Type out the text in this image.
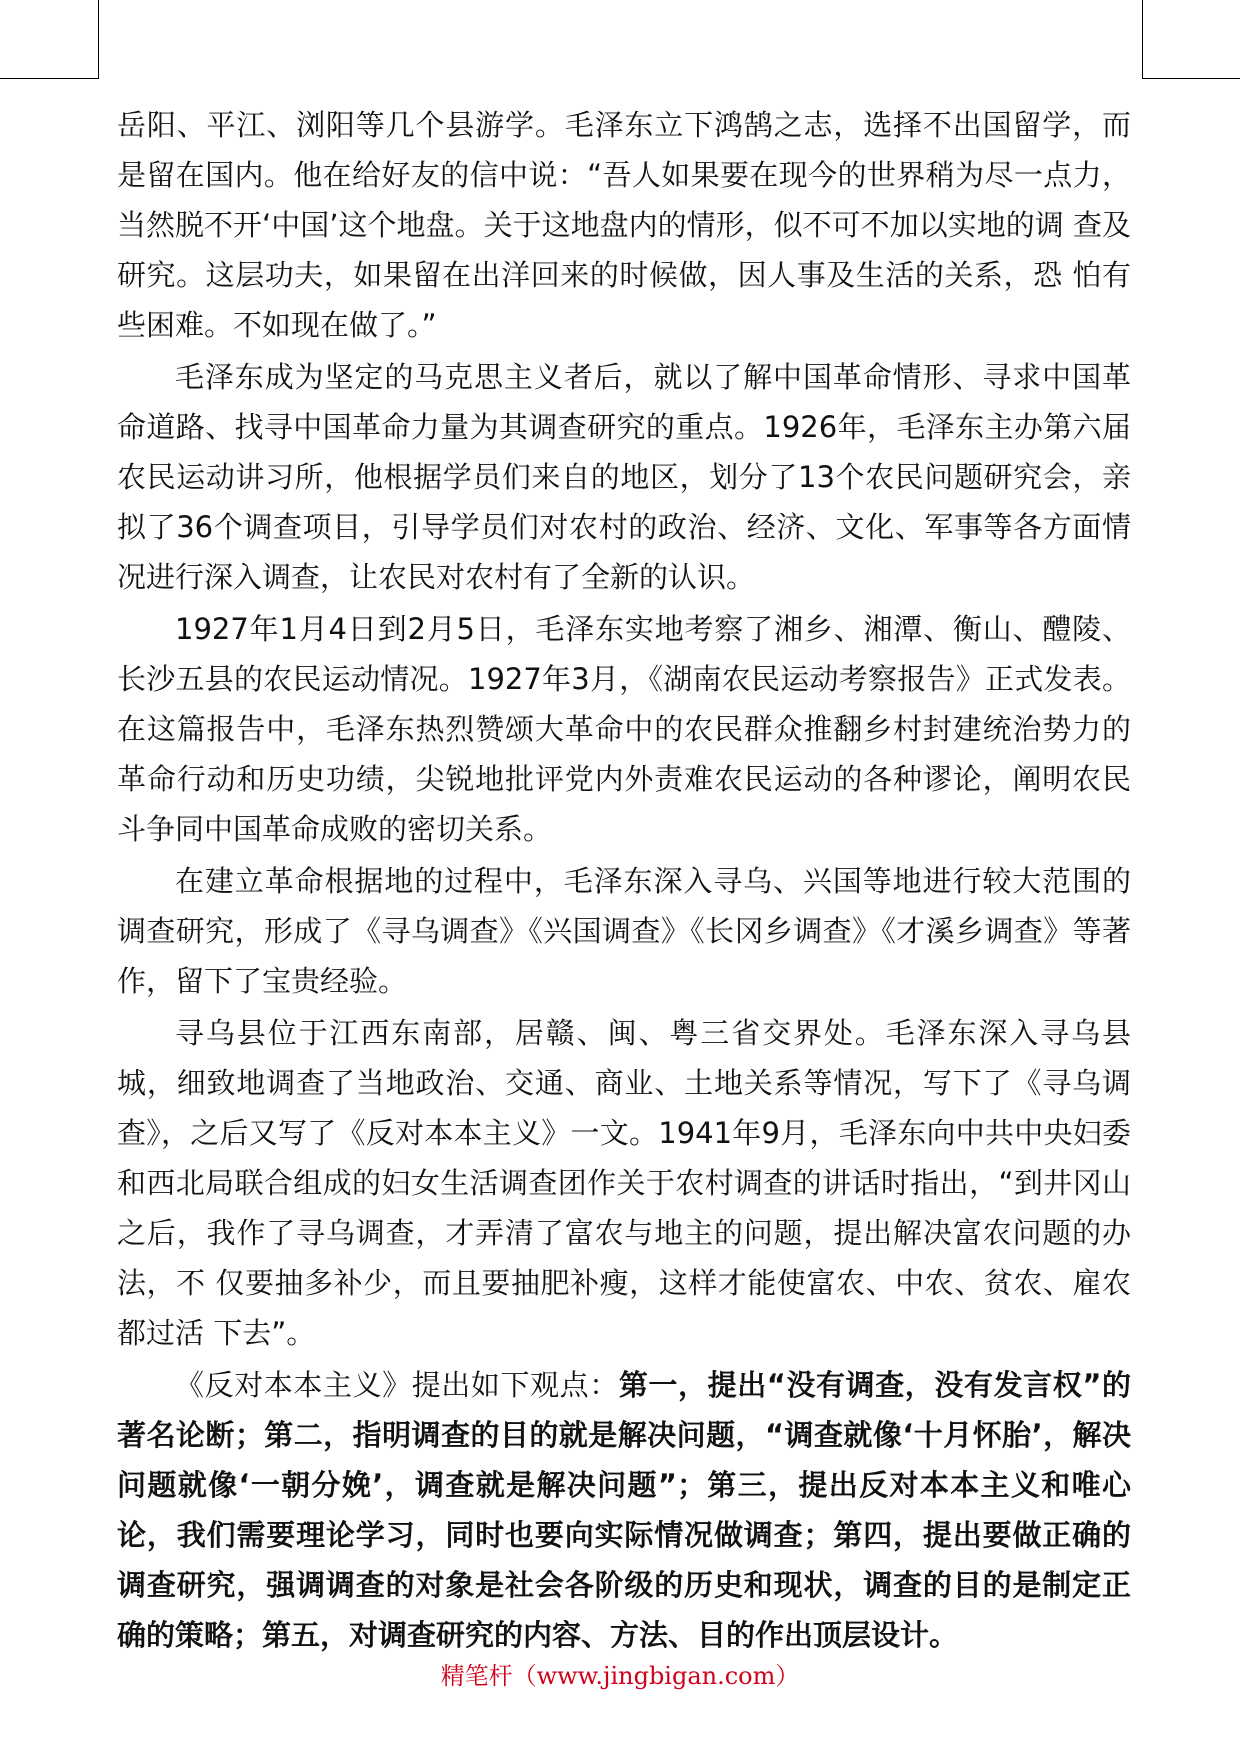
岳阳、平江、浏阳等几个县游学。毛泽东立下鸿鹄之志，选择不出国留学，而 是留在国内。他在给好友的信中说：“吾人如果要在现今的世界稍为尽一点力， 当然脱不开‘中国’这个地盘。关于这地盘内的情形，似不可不加以实地的调 查及研究。这层功夫，如果留在出洋回来的时候做，因人事及生活的关系，恐 怕有些困难。不如现在做了。”

毛泽东成为坚定的马克思主义者后，就以了解中国革命情形、寻求中国革命道路、找寻中国革命力量为其调查研究的重点。1926年，毛泽东主办第六届农民运动讲习所，他根据学员们来自的地区，划分了13个农民问题研究会，亲拟了36个调查项目，引导学员们对农村的政治、经济、文化、军事等各方面情况进行深入调查，让农民对农村有了全新的认识。

1927年1月4日到2月5日，毛泽东实地考察了湘乡、湘潭、衡山、醴陵、长沙五县的农民运动情况。1927年3月，《湖南农民运动考察报告》正式发表。在这篇报告中，毛泽东热烈赞颂大革命中的农民群众推翻乡村封建统治势力的革命行动和历史功绩，尖锐地批评党内外责难农民运动的各种谬论，阐明农民斗争同中国革命成败的密切关系。

在建立革命根据地的过程中，毛泽东深入寻乌、兴国等地进行较大范围的调查研究，形成了《寻乌调查》《兴国调查》《长冈乡调查》《才溪乡调查》等著作，留下了宝贵经验。

寻乌县位于江西东南部，居赣、闽、粤三省交界处。毛泽东深入寻乌县城，细致地调查了当地政治、交通、商业、土地关系等情况，写下了《寻乌调查》，之后又写了《反对本本主义》一文。1941年9月，毛泽东向中共中央妇委和西北局联合组成的妇女生活调查团作关于农村调查的讲话时指出，“到井冈山之后，我作了寻乌调查，才弄清了富农与地主的问题，提出解决富农问题的办法，不 仅要抽多补少，而且要抽肥补瘦，这样才能使富农、中农、贫农、雇农都过活 下去”。

《反对本本主义》提出如下观点：第一，提出“没有调查，没有发言权”的著名论断；第二，指明调查的目的就是解决问题，“调查就像‘十月怀胎’，解决问题就像‘一朝分娩’，调查就是解决问题”；第三，提出反对本本主义和唯心论，我们需要理论学习，同时也要向实际情况做调查；第四，提出要做正确的调查研究，强调调查的对象是社会各阶级的历史和现状，调查的目的是制定正确的策略；第五，对调查研究的内容、方法、目的作出顶层设计。

精笔杆（www.jingbigan.com）
